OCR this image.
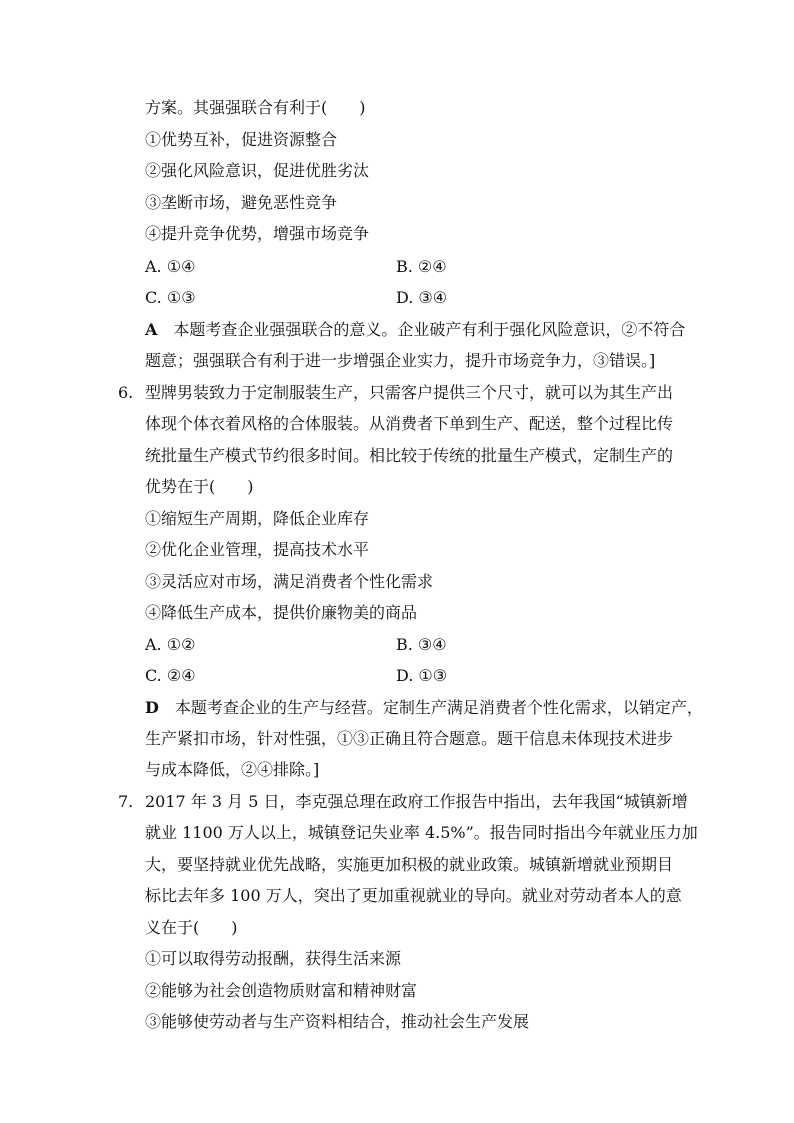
方案。其强强联合有利于(　　)
①优势互补，促进资源整合
②强化风险意识，促进优胜劣汰
③垄断市场，避免恶性竞争
④提升竞争优势，增强市场竞争
A. ①④	B. ②④
C. ①③	D. ③④
A  本题考查企业强强联合的意义。企业破产有利于强化风险意识，②不符合
题意；强强联合有利于进一步增强企业实力，提升市场竞争力，③错误。]
6. 型牌男装致力于定制服装生产，只需客户提供三个尺寸，就可以为其生产出
体现个体衣着风格的合体服装。从消费者下单到生产、配送，整个过程比传
统批量生产模式节约很多时间。相比较于传统的批量生产模式，定制生产的
优势在于(　　)
①缩短生产周期，降低企业库存
②优化企业管理，提高技术水平
③灵活应对市场，满足消费者个性化需求
④降低生产成本，提供价廉物美的商品
A. ①②	B. ③④
C. ②④	D. ①③
D  本题考查企业的生产与经营。定制生产满足消费者个性化需求，以销定产，
生产紧扣市场，针对性强，①③正确且符合题意。题干信息未体现技术进步
与成本降低，②④排除。]
7. 2017 年 3 月 5 日，李克强总理在政府工作报告中指出，去年我国“城镇新增
就业 1100 万人以上，城镇登记失业率 4.5%”。报告同时指出今年就业压力加
大，要坚持就业优先战略，实施更加积极的就业政策。城镇新增就业预期目
标比去年多 100 万人，突出了更加重视就业的导向。就业对劳动者本人的意
义在于(　　)
①可以取得劳动报酬，获得生活来源
②能够为社会创造物质财富和精神财富
③能够使劳动者与生产资料相结合，推动社会生产发展
